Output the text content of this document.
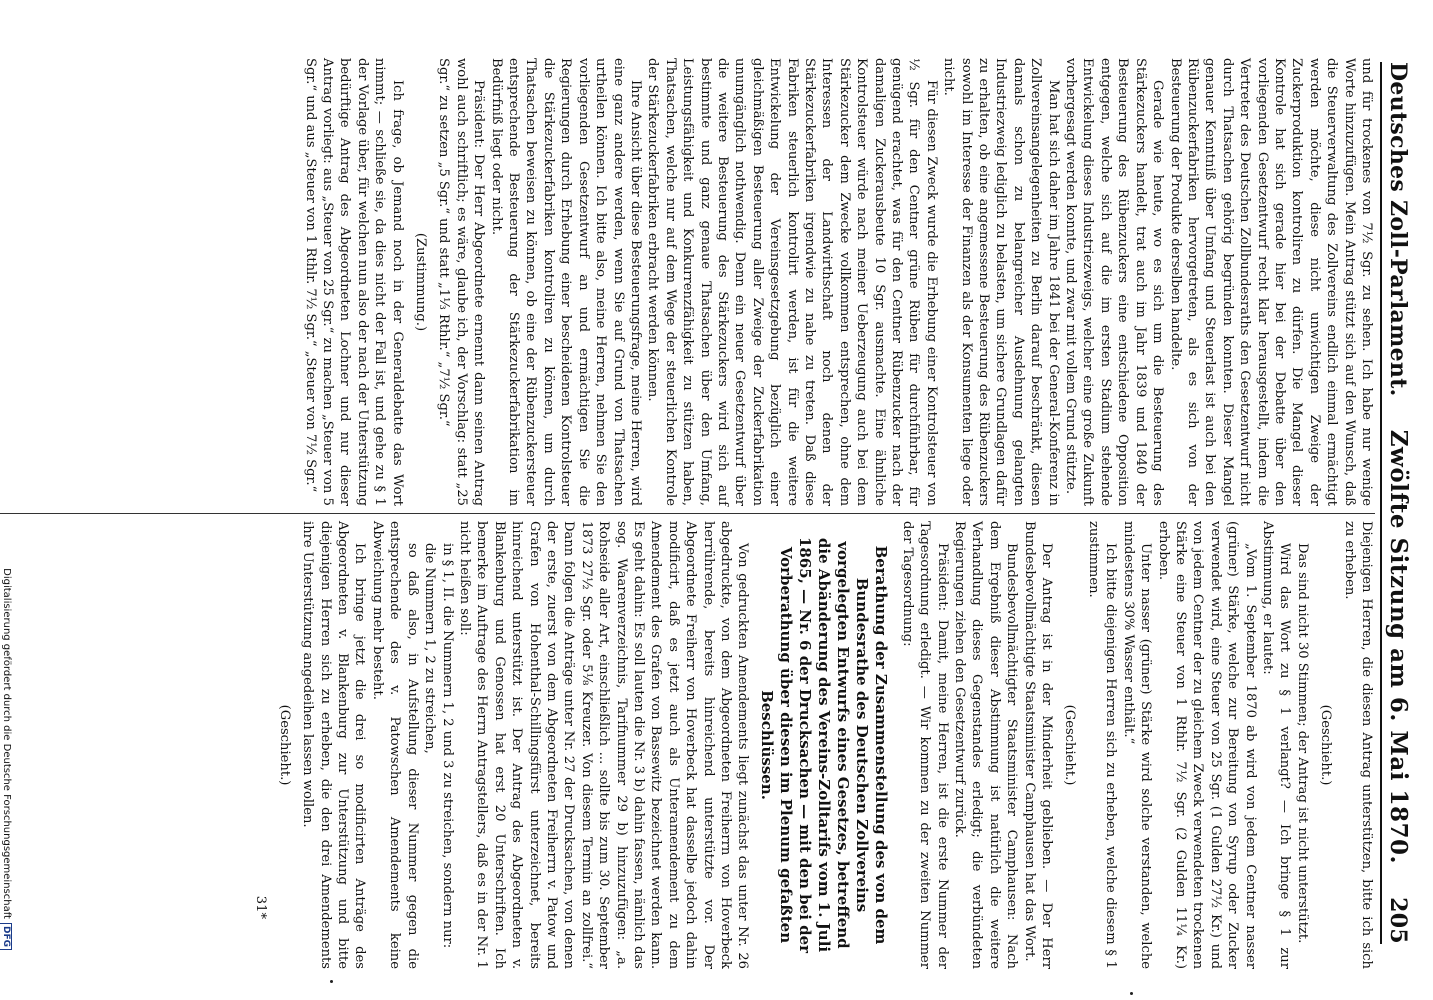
Deutsches Zoll-Parlament.
Zwölfte Sitzung am 6. Mai 1870.
205

und für trockenes von 7½ Sgr. zu sehen. Ich habe nur wenige Worte hinzuzufügen. Mein Antrag stützt sich auf den Wunsch, daß die Steuerverwaltung des Zollvereins endlich einmal ermächtigt werden möchte, diese nicht unwichtigen Zweige der Zuckerproduktion kontroliren zu dürfen. Die Mangel dieser Kontrole hat sich gerade hier bei der Debatte über den vorliegenden Gesetzentwurf recht klar herausgestellt, indem die Vertreter des Deutschen Zollbundesraths den Gesetzentwurf nicht durch Thatsachen gehörig begründen konnten. Dieser Mangel genauer Kenntniß über Umfang und Steuerlast ist auch bei den Rübenzuckerfabriken hervorgetreten, als es sich von der Besteuerung der Produkte derselben handelte.

Gerade wie heute, wo es sich um die Besteuerung des Stärkezuckers handelt, trat auch im Jahr 1839 und 1840 der Besteuerung des Rübenzuckers eine entschiedene Opposition entgegen, welche sich auf die im ersten Stadium stehende Entwickelung dieses Industriezweigs, welcher eine große Zukunft vorhergesagt werden konnte, und zwar mit vollem Grund stützte.

Man hat sich daher im Jahre 1841 bei der General-Konferenz in Zollvereinsangelegenheiten zu Berlin darauf beschränkt, diesen damals schon zu belangreicher Ausdehnung gelangten Industriezweig lediglich zu belasten, um sichere Grundlagen dafür zu erhalten, ob eine angemessene Besteuerung des Rübenzuckers sowohl im Interesse der Finanzen als der Konsumenten liege oder nicht.

Für diesen Zweck wurde die Erhebung einer Kontrolsteuer von ½ Sgr. für den Centner grüne Rüben für durchführbar, für genügend erachtet, was für den Centner Rübenzucker nach der damaligen Zuckerausbeute 10 Sgr. ausmachte. Eine ähnliche Kontrolsteuer würde nach meiner Ueberzeugung auch bei dem Stärkezucker dem Zwecke vollkommen entsprechen, ohne dem Interessen der Landwirthschaft noch denen der Stärkezuckerfabriken irgendwie zu nahe zu treten. Daß diese Fabriken steuerlich kontrolirt werden, ist für die weitere Entwickelung der Vereinsgesetzgebung bezüglich einer gleichmäßigen Besteuerung aller Zweige der Zuckerfabrikation unumgänglich nothwendig. Denn ein neuer Gesetzentwurf über die weitere Besteuerung des Stärkezuckers wird sich auf bestimmte und ganz genaue Thatsachen über den Umfang, Leistungsfähigkeit und Konkurrenzfähigkeit zu stützen haben, Thatsachen, welche nur auf dem Wege der steuerlichen Kontrole der Stärkezuckerfabriken erbracht werden können.

Ihre Ansicht über diese Besteuerungsfrage, meine Herren, wird eine ganz andere werden, wenn Sie auf Grund von Thatsachen urtheilen können. Ich bitte also, meine Herren, nehmen Sie den vorliegenden Gesetzentwurf an und ermächtigen Sie die Regierungen durch Erhebung einer bescheidenen Kontrolsteuer die Stärkezuckerfabriken kontroliren zu können, um durch Thatsachen beweisen zu können, ob eine der Rübenzuckersteuer entsprechende Besteuerung der Stärkezuckerfabrikation im Bedürfniß liegt oder nicht.

Präsident: Der Herr Abgeordnete ernennt dann seinen Antrag wohl auch schriftlich; es wäre, glaube ich, der Vorschlag: statt „25 Sgr.“ zu setzen „5 Sgr.“ und statt „1⅓ Rthlr.“ „7½ Sgr.“

(Zustimmung.)

Ich frage, ob Jemand noch in der Generaldebatte das Wort nimmt; — schließe sie, da dies nicht der Fall ist, und gehe zu § 1 der Vorlage über, für welchen nun also der nach der Unterstützung bedürftige Antrag des Abgeordneten Lochner und nur dieser Antrag vorliegt: aus „Steuer von 25 Sgr.“ zu machen „Steuer von 5 Sgr.“ und aus „Steuer von 1 Rthlr. 7½ Sgr.“ „Steuer von 7½ Sgr.“

Diejenigen Herren, die diesen Antrag unterstützen, bitte ich sich zu erheben.

(Geschieht.)

Das sind nicht 30 Stimmen; der Antrag ist nicht unterstützt.

Wird das Wort zu § 1 verlangt? — Ich bringe § 1 zur Abstimmung, er lautet:

„Vom 1. September 1870 ab wird von jedem Centner nasser (grüner) Stärke, welche zur Bereitung von Syrup oder Zucker verwendet wird, eine Steuer von 25 Sgr. (1 Gulden 27½ Kr.) und von jedem Centner der zu gleichem Zweck verwendeten trockenen Stärke eine Steuer von 1 Rthlr. 7½ Sgr. (2 Gulden 11¼ Kr.) erhoben.

Unter nasser (grüner) Stärke wird solche verstanden, welche mindestens 30% Wasser enthält.“

Ich bitte diejenigen Herren sich zu erheben, welche diesem § 1 zustimmen.

(Geschieht.)

Der Antrag ist in der Minderheit geblieben. — Der Herr Bundesbevollmächtigte Staatsminister Camphausen hat das Wort.

Bundesbevollmächtigter Staatsminister Camphausen: Nach dem Ergebniß dieser Abstimmung ist natürlich die weitere Verhandlung dieses Gegenstandes erledigt; die verbündeten Regierungen ziehen den Gesetzentwurf zurück.

Präsident: Damit, meine Herren, ist die erste Nummer der Tagesordnung erledigt. — Wir kommen zu der zweiten Nummer der Tagesordnung:

Berathung der Zusammenstellung des von dem Bundesrathe des Deutschen Zollvereins vorgelegten Entwurfs eines Gesetzes, betreffend die Abänderung des Vereins-Zolltarifs vom 1. Juli 1865, — Nr. 6 der Drucksachen — mit den bei der Vorberathung über diesen im Plenum gefaßten Beschlüssen.

Von gedruckten Amendements liegt zunächst das unter Nr. 26 abgedruckte, von dem Abgeordneten Freiherrn von Hoverbeck herrührende, bereits hinreichend unterstützte vor. Der Abgeordnete Freiherr von Hoverbeck hat dasselbe jedoch dahin modificirt, daß es jetzt auch als Unteramendement zu dem Amendement des Grafen von Bassewitz bezeichnet werden kann. Es geht dahin: Es soll lauten die Nr. 3 b) dahin fassen, nämlich das sog. Waarenverzeichnis, Tarifnummer 29 b) hinzuzufügen: „a. Rohseide aller Art, einschließlich ... sollte bis zum 30. September 1873 27½ Sgr. oder 5⅛ Kreuzer. Von diesem Termin an zollfrei.“ Dann folgen die Anträge unter Nr. 27 der Drucksachen, von denen der erste, zuerst von dem Abgeordneten Freiherrn v. Patow und Grafen von Hohenthal-Schillingsfürst unterzeichnet, bereits hinreichend unterstützt ist. Der Antrag des Abgeordneten v. Blankenburg und Genossen hat erst 20 Unterschriften. Ich bemerke im Auftrage des Herrn Antragstellers, daß es in der Nr. 1 nicht heißen soll:

in § 1, II. die Nummern 1, 2 und 3 zu streichen, sondern nur:

die Nummern 1, 2 zu streichen,

so daß also, in Aufstellung dieser Nummer gegen die entsprechende des v. Patowschen Amendements keine Abweichung mehr besteht.

Ich bringe jetzt die drei so modificirten Anträge des Abgeordneten v. Blankenburg zur Unterstützung und bitte diejenigen Herren sich zu erheben, die den drei Amendements ihre Unterstützung angedeihen lassen wollen.

(Geschieht.)

31*

Digitalisierung gefördert durch die Deutsche ForschungsgemeinschaftDFG
